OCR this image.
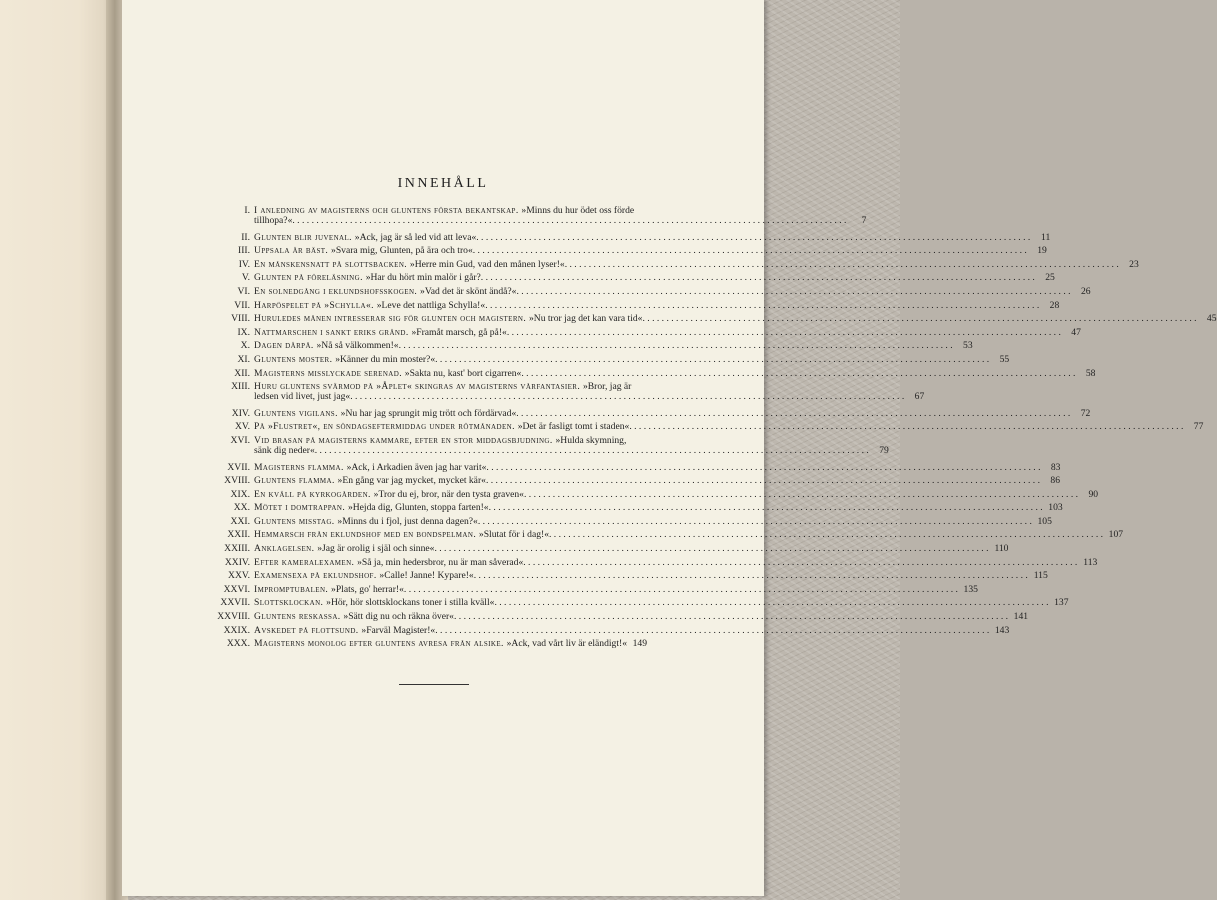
INNEHÅLL
I. I anledning av magisterns och gluntens första bekantskap. »Minns du hur ödet oss förde
tillhopa?« . . .	7
II. Glunten blir juvenal. »Ack, jag är så led vid att leva« . . .	11
III. Uppsala är bäst. »Svara mig, Glunten, på ära och tro« . . .	19
IV. En månskensnatt på slottsbacken. »Herre min Gud, vad den månen lyser!« . . .	23
V. Glunten på föreläsning. »Har du hört min malör i går? . . .	25
VI. En solnedgång i eklundshofsskogen. »Vad det är skönt ändå?« . . .	26
VII. Harpöspelet på »Schylla«. »Leve det nattliga Schylla!« . . .	28
VIII. Huruledes månen intresserar sig för glunten och magistern. »Nu tror jag det kan vara tid« . . .	45
IX. Nattmarschen i sankt eriks gränd. »Framåt marsch, gå på!« . . .	47
X. Dagen därpå. »Nå så välkommen!« . . .	53
XI. Gluntens moster. »Känner du min moster?« . . .	55
XII. Magisterns misslyckade serenad. »Sakta nu, kast' bort cigarren« . . .	58
XIII. Huru gluntens svärmod på »Åplet« skingras av magisterns vårfantasier. »Bror, jag är
ledsen vid livet, just jag« . . .	67
XIV. Gluntens vigilans. »Nu har jag sprungit mig trött och fördärvad« . . .	72
XV. På »Flustret«, en söndagseftermiddag under rötmånaden. »Det är fasligt tomt i staden« . . .	77
XVI. Vid brasan på magisterns kammare, efter en stor middagsbjudning. »Hulda skymning,
sänk dig neder« . . .	79
XVII. Magisterns flamma. »Ack, i Arkadien även jag har varit« . . .	83
XVIII. Gluntens flamma. »En gång var jag mycket, mycket kär« . . .	86
XIX. En kväll på kyrkogården. »Tror du ej, bror, när den tysta graven« . . .	90
XX. Mötet i domtrappan. »Hejda dig, Glunten, stoppa farten!« . . .	103
XXI. Gluntens misstag. »Minns du i fjol, just denna dagen?« . . .	105
XXII. Hemmarsch från eklundshof med en bondspelman. »Slutat för i dag!« . . .	107
XXIII. Anklagelsen. »Jag är orolig i själ och sinne« . . .	110
XXIV. Efter kameralexamen. »Så ja, min hedersbror, nu är man såverad« . . .	113
XXV. Examensexa på eklundshof. »Calle! Janne! Kypare!« . . .	115
XXVI. Impromptubalen. »Plats, go' herrar!« . . .	135
XXVII. Slottsklockan. »Hör, hör slottsklockans toner i stilla kväll« . . .	137
XXVIII. Gluntens reskassa. »Sätt dig nu och räkna över« . . .	141
XXIX. Avskedet på flottsund. »Farväl Magister!« . . .	143
XXX. Magisterns monolog efter gluntens avresa från alsike. »Ack, vad vårt liv är eländigt!« 149
